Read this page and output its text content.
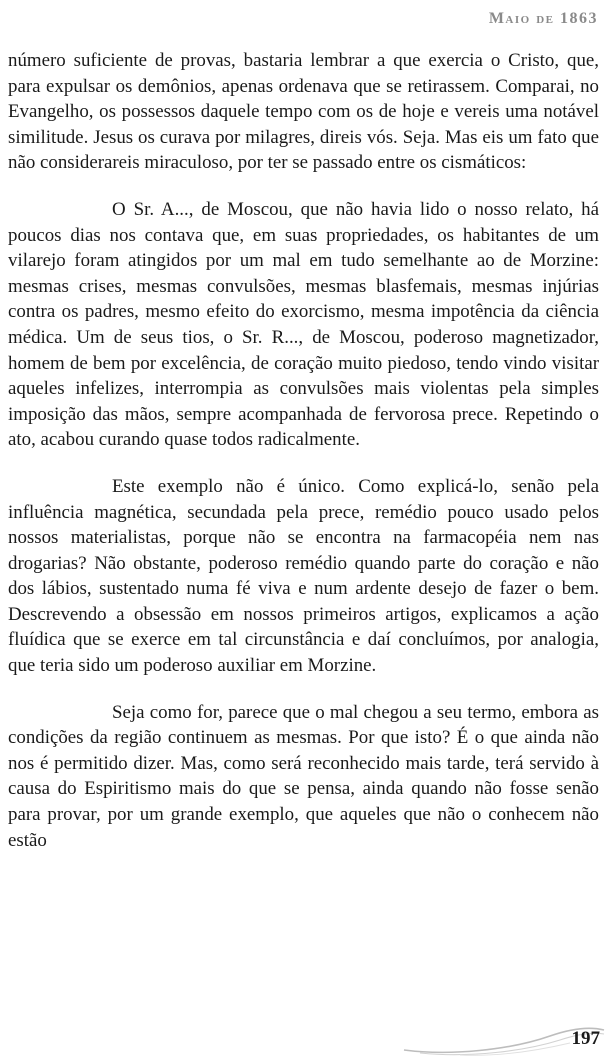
Maio de 1863

número suficiente de provas, bastaria lembrar a que exercia o Cristo, que, para expulsar os demônios, apenas ordenava que se retirassem. Comparai, no Evangelho, os possessos daquele tempo com os de hoje e vereis uma notável similitude. Jesus os curava por milagres, direis vós. Seja. Mas eis um fato que não considerareis miraculoso, por ter se passado entre os cismáticos:

O Sr. A..., de Moscou, que não havia lido o nosso relato, há poucos dias nos contava que, em suas propriedades, os habitantes de um vilarejo foram atingidos por um mal em tudo semelhante ao de Morzine: mesmas crises, mesmas convulsões, mesmas blasfemais, mesmas injúrias contra os padres, mesmo efeito do exorcismo, mesma impotência da ciência médica. Um de seus tios, o Sr. R..., de Moscou, poderoso magnetizador, homem de bem por excelência, de coração muito piedoso, tendo vindo visitar aqueles infelizes, interrompia as convulsões mais violentas pela simples imposição das mãos, sempre acompanhada de fervorosa prece. Repetindo o ato, acabou curando quase todos radicalmente.

Este exemplo não é único. Como explicá-lo, senão pela influência magnética, secundada pela prece, remédio pouco usado pelos nossos materialistas, porque não se encontra na farmacopéia nem nas drogarias? Não obstante, poderoso remédio quando parte do coração e não dos lábios, sustentado numa fé viva e num ardente desejo de fazer o bem. Descrevendo a obsessão em nossos primeiros artigos, explicamos a ação fluídica que se exerce em tal circunstância e daí concluímos, por analogia, que teria sido um poderoso auxiliar em Morzine.

Seja como for, parece que o mal chegou a seu termo, embora as condições da região continuem as mesmas. Por que isto? É o que ainda não nos é permitido dizer. Mas, como será reconhecido mais tarde, terá servido à causa do Espiritismo mais do que se pensa, ainda quando não fosse senão para provar, por um grande exemplo, que aqueles que não o conhecem não estão

197
